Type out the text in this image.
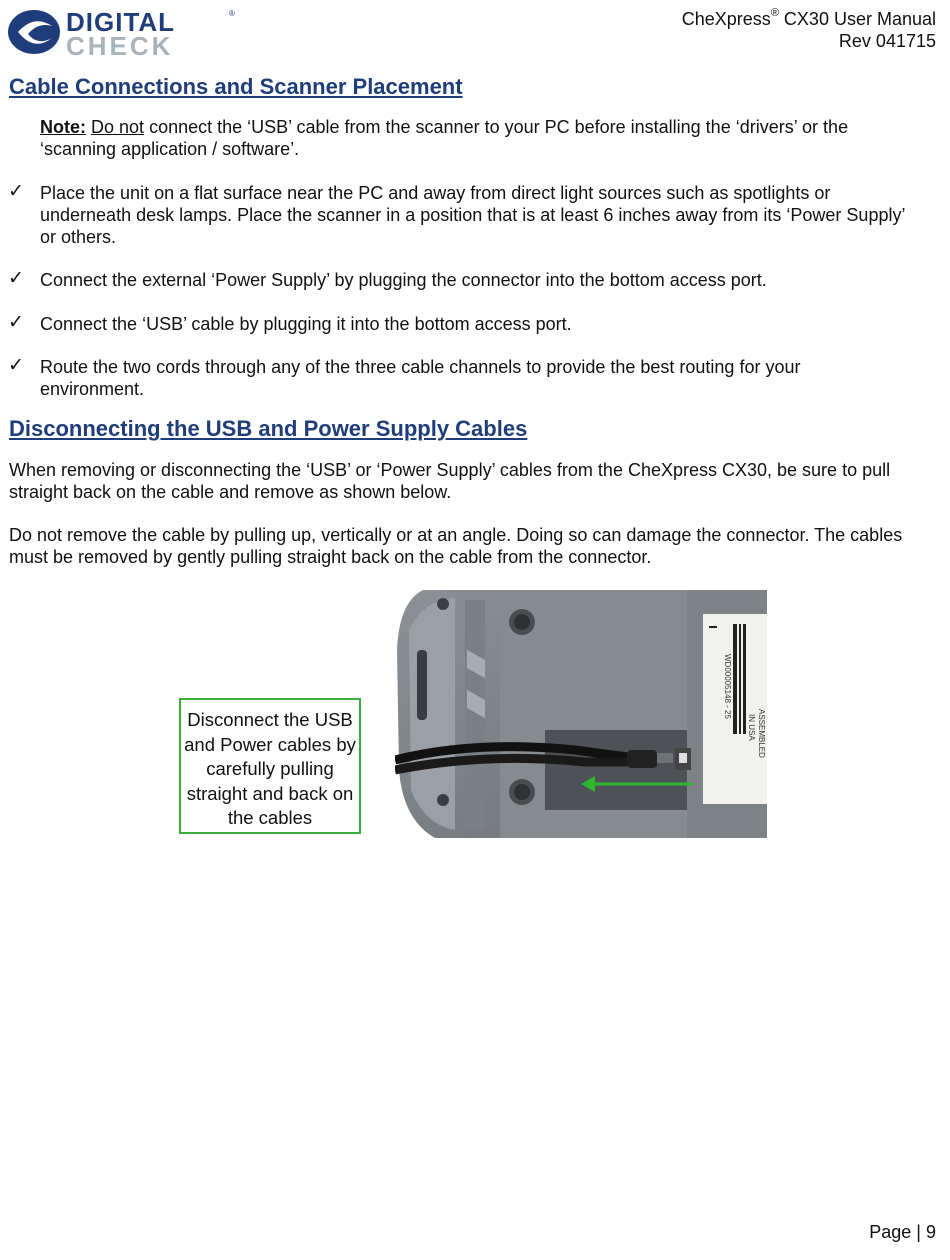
DIGITAL
CHECK
®	CheXpress® CX30 User Manual
Rev 041715
Cable Connections and Scanner Placement
Note: Do not connect the ‘USB’ cable from the scanner to your PC before installing the ‘drivers’ or the ‘scanning application / software’.
✓ Place the unit on a flat surface near the PC and away from direct light sources such as spotlights or underneath desk lamps. Place the scanner in a position that is at least 6 inches away from its ‘Power Supply’ or others.
✓ Connect the external ‘Power Supply’ by plugging the connector into the bottom access port.
✓ Connect the ‘USB’ cable by plugging it into the bottom access port.
✓ Route the two cords through any of the three cable channels to provide the best routing for your environment.
Disconnecting the USB and Power Supply Cables
When removing or disconnecting the ‘USB’ or ‘Power Supply’ cables from the CheXpress CX30, be sure to pull straight back on the cable and remove as shown below.
Do not remove the cable by pulling up, vertically or at an angle. Doing so can damage the connector. The cables must be removed by gently pulling straight back on the cable from the connector.
Disconnect the USB and Power cables by carefully pulling straight and back on the cables
WD00005148 - 25
ASSEMBLED
IN USA
Page | 9
